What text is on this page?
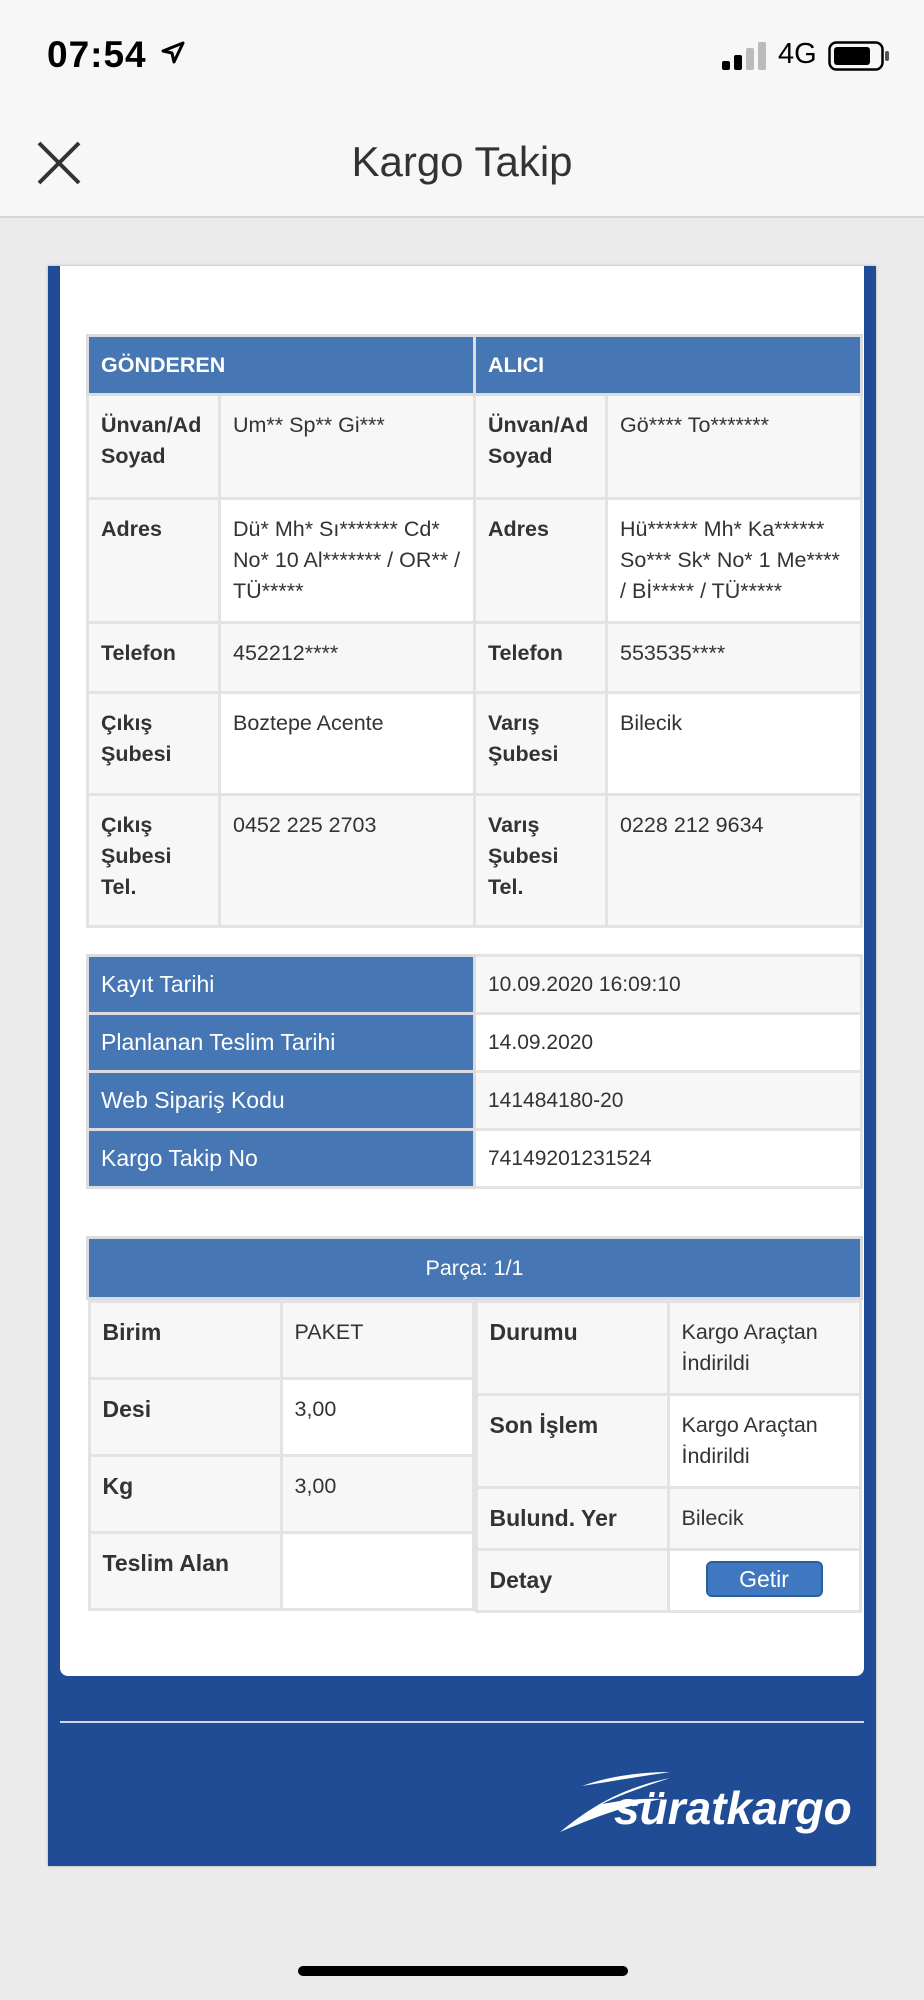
07:54	4G
Kargo Takip
GÖNDEREN		ALICI	
Ünvan/Ad Soyad	Um** Sp** Gi***	Ünvan/Ad Soyad	Gö**** To*******
Adres	Dü* Mh* Sı******* Cd* No* 10 Al******* / OR** / TÜ*****	Adres	Hü****** Mh* Ka****** So*** Sk* No* 1 Me**** / Bİ***** / TÜ*****
Telefon	452212****	Telefon	553535****
Çıkış Şubesi	Boztepe Acente	Varış Şubesi	Bilecik
Çıkış Şubesi Tel.	0452 225 2703	Varış Şubesi Tel.	0228 212 9634
Kayıt Tarihi	10.09.2020 16:09:10
Planlanan Teslim Tarihi	14.09.2020
Web Sipariş Kodu	141484180-20
Kargo Takip No	74149201231524
Parça: 1/1

Birim	PAKET
Desi	3,00
Kg	3,00
Teslim Alan	

Durumu	Kargo Araçtan İndirildi
Son İşlem	Kargo Araçtan İndirildi
Bulund. Yer	Bilecik
Detay	Getir
süratkargo
